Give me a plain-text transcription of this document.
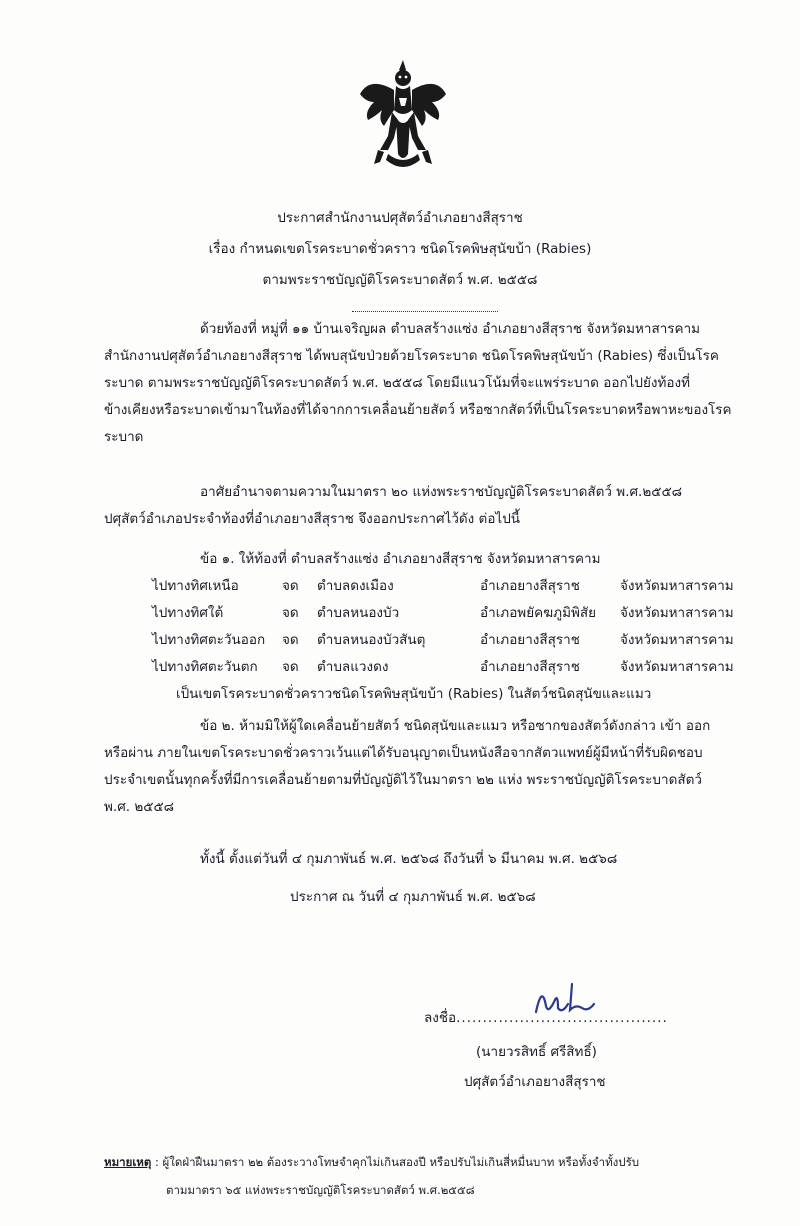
ประกาศสำนักงานปศุสัตว์อำเภอยางสีสุราช
เรื่อง กำหนดเขตโรคระบาดชั่วคราว ชนิดโรคพิษสุนัขบ้า (Rabies)
ตามพระราชบัญญัติโรคระบาดสัตว์ พ.ศ. ๒๕๕๘
ด้วยท้องที่ หมู่ที่ ๑๑ บ้านเจริญผล ตำบลสร้างแซ่ง อำเภอยางสีสุราช จังหวัดมหาสารคาม
สำนักงานปศุสัตว์อำเภอยางสีสุราช ได้พบสุนัขป่วยด้วยโรคระบาด ชนิดโรคพิษสุนัขบ้า (Rabies) ซึ่งเป็นโรค
ระบาด ตามพระราชบัญญัติโรคระบาดสัตว์ พ.ศ. ๒๕๕๘ โดยมีแนวโน้มที่จะแพร่ระบาด ออกไปยังท้องที่
ข้างเคียงหรือระบาดเข้ามาในท้องที่ได้จากการเคลื่อนย้ายสัตว์ หรือซากสัตว์ที่เป็นโรคระบาดหรือพาหะของโรค
ระบาด
อาศัยอำนาจตามความในมาตรา ๒๐ แห่งพระราชบัญญัติโรคระบาดสัตว์ พ.ศ.๒๕๕๘
ปศุสัตว์อำเภอประจำท้องที่อำเภอยางสีสุราช จึงออกประกาศไว้ดัง ต่อไปนี้
ข้อ ๑. ให้ท้องที่ ตำบลสร้างแซ่ง อำเภอยางสีสุราช จังหวัดมหาสารคาม
ไปทางทิศเหนือ	จด ตำบลดงเมือง	อำเภอยางสีสุราช	จังหวัดมหาสารคาม
ไปทางทิศใต้	จด ตำบลหนองบัว	อำเภอพยัคฆภูมิพิสัย จังหวัดมหาสารคาม
ไปทางทิศตะวันออก จด ตำบลหนองบัวสันตุ	อำเภอยางสีสุราช	จังหวัดมหาสารคาม
ไปทางทิศตะวันตก จด ตำบลแวงดง	อำเภอยางสีสุราช	จังหวัดมหาสารคาม
เป็นเขตโรคระบาดชั่วคราวชนิดโรคพิษสุนัขบ้า (Rabies) ในสัตว์ชนิดสุนัขและแมว
ข้อ ๒. ห้ามมิให้ผู้ใดเคลื่อนย้ายสัตว์ ชนิดสุนัขและแมว หรือซากของสัตว์ดังกล่าว เข้า ออก
หรือผ่าน ภายในเขตโรคระบาดชั่วคราวเว้นแต่ได้รับอนุญาตเป็นหนังสือจากสัตวแพทย์ผู้มีหน้าที่รับผิดชอบ
ประจำเขตนั้นทุกครั้งที่มีการเคลื่อนย้ายตามที่บัญญัติไว้ในมาตรา ๒๒ แห่ง พระราชบัญญัติโรคระบาดสัตว์
พ.ศ. ๒๕๕๘
ทั้งนี้ ตั้งแต่วันที่ ๔ กุมภาพันธ์ พ.ศ. ๒๕๖๘ ถึงวันที่ ๖ มีนาคม พ.ศ. ๒๕๖๘
ประกาศ ณ วันที่ ๔ กุมภาพันธ์ พ.ศ. ๒๕๖๘
ลงชื่อ........................................
(นายวรสิทธิ์ ศรีสิทธิ์)
ปศุสัตว์อำเภอยางสีสุราช
หมายเหตุ : ผู้ใดฝ่าฝืนมาตรา ๒๒ ต้องระวางโทษจำคุกไม่เกินสองปี หรือปรับไม่เกินสี่หมื่นบาท หรือทั้งจำทั้งปรับ
ตามมาตรา ๖๕ แห่งพระราชบัญญัติโรคระบาดสัตว์ พ.ศ.๒๕๕๘
